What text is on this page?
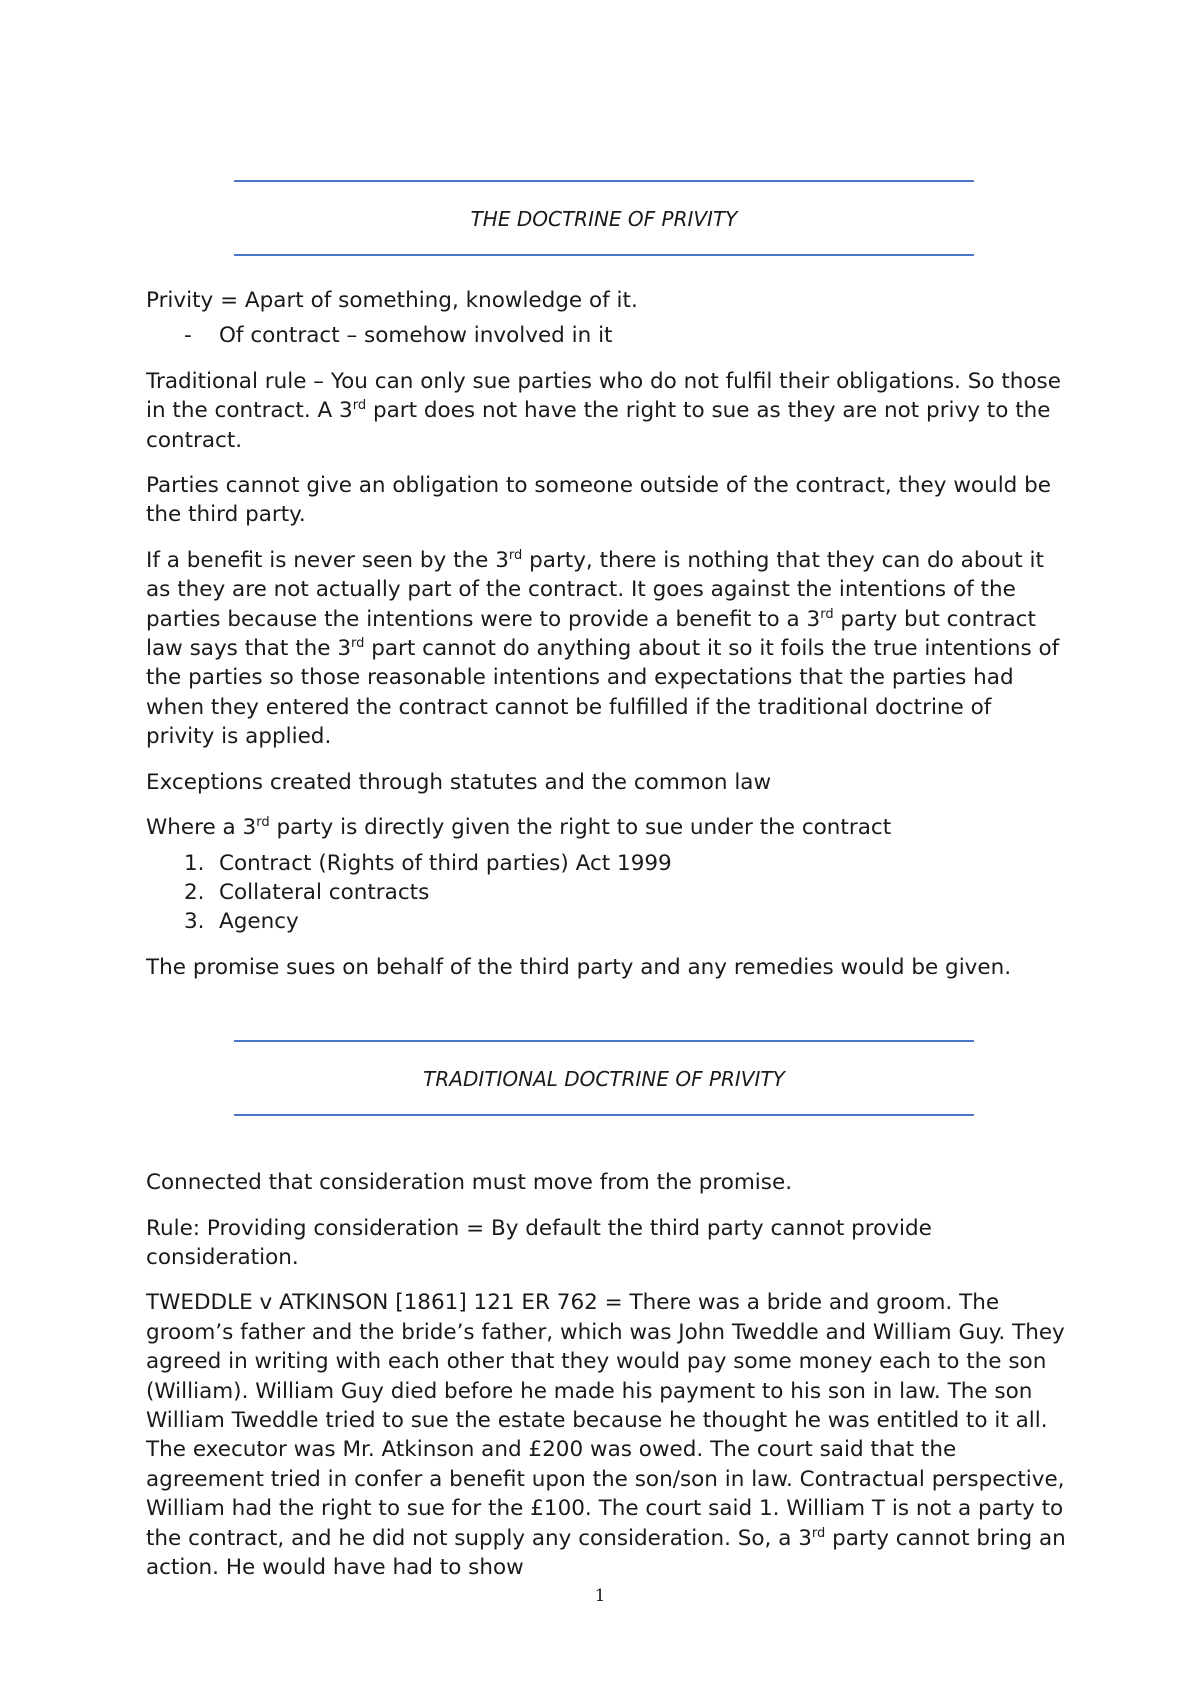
THE DOCTRINE OF PRIVITY

Privity = Apart of something, knowledge of it.

-	Of contract – somehow involved in it

Traditional rule – You can only sue parties who do not fulfil their obligations. So those in the contract. A 3rd part does not have the right to sue as they are not privy to the contract.

Parties cannot give an obligation to someone outside of the contract, they would be the third party.

If a benefit is never seen by the 3rd party, there is nothing that they can do about it as they are not actually part of the contract. It goes against the intentions of the parties because the intentions were to provide a benefit to a 3rd party but contract law says that the 3rd part cannot do anything about it so it foils the true intentions of the parties so those reasonable intentions and expectations that the parties had when they entered the contract cannot be fulfilled if the traditional doctrine of privity is applied.

Exceptions created through statutes and the common law

Where a 3rd party is directly given the right to sue under the contract

1. Contract (Rights of third parties) Act 1999
2. Collateral contracts
3. Agency

The promise sues on behalf of the third party and any remedies would be given.

Connected that consideration must move from the promise.

Rule: Providing consideration = By default the third party cannot provide consideration.

TWEDDLE v ATKINSON [1861] 121 ER 762 = There was a bride and groom. The groom’s father and the bride’s father, which was John Tweddle and William Guy. They agreed in writing with each other that they would pay some money each to the son (William). William Guy died before he made his payment to his son in law. The son William Tweddle tried to sue the estate because he thought he was entitled to it all. The executor was Mr. Atkinson and £200 was owed. The court said that the agreement tried in confer a benefit upon the son/son in law. Contractual perspective, William had the right to sue for the £100. The court said 1. William T is not a party to the contract, and he did not supply any consideration. So, a 3rd party cannot bring an action. He would have had to show

TRADITIONAL DOCTRINE OF PRIVITY
1
